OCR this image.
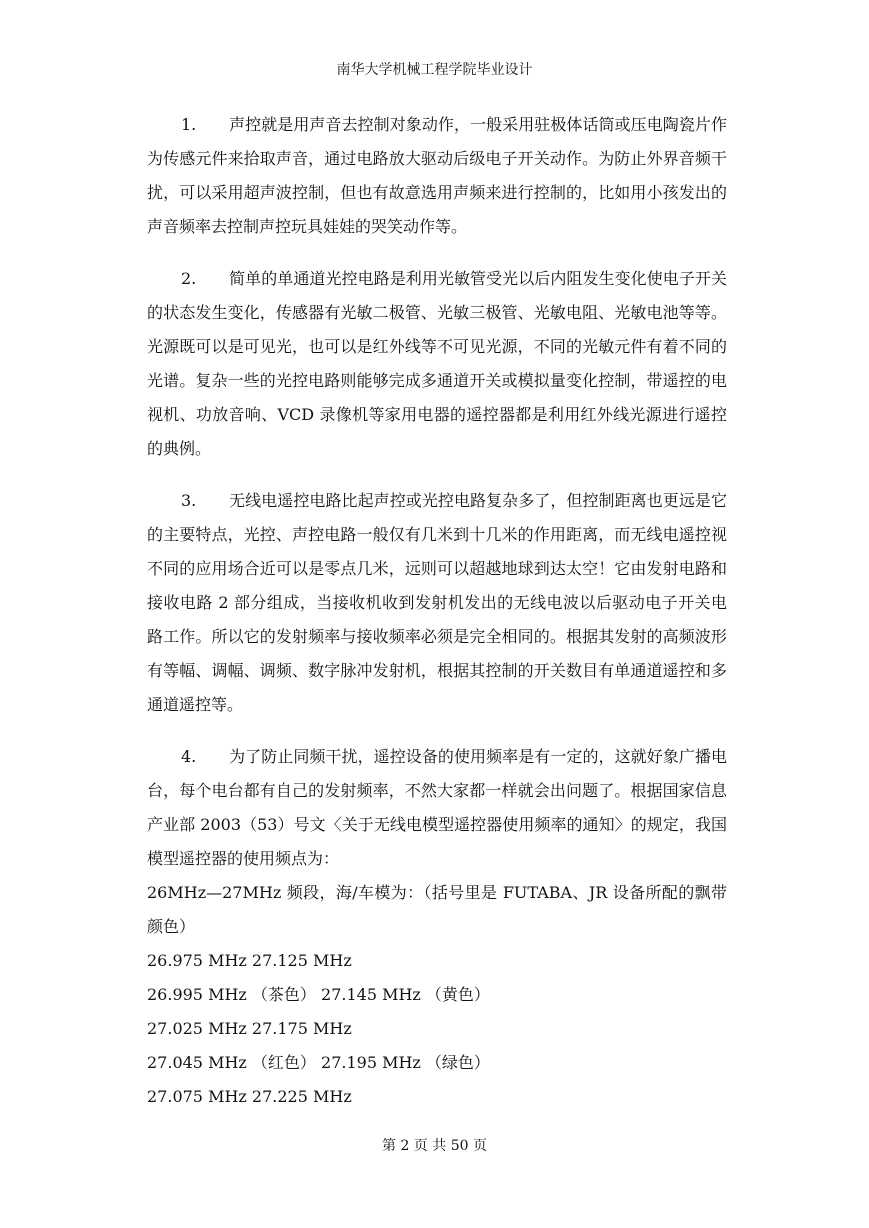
南华大学机械工程学院毕业设计

1. 声控就是用声音去控制对象动作，一般采用驻极体话筒或压电陶瓷片作为传感元件来拾取声音，通过电路放大驱动后级电子开关动作。为防止外界音频干扰，可以采用超声波控制，但也有故意选用声频来进行控制的，比如用小孩发出的声音频率去控制声控玩具娃娃的哭笑动作等。

2. 简单的单通道光控电路是利用光敏管受光以后内阻发生变化使电子开关的状态发生变化，传感器有光敏二极管、光敏三极管、光敏电阻、光敏电池等等。光源既可以是可见光，也可以是红外线等不可见光源，不同的光敏元件有着不同的光谱。复杂一些的光控电路则能够完成多通道开关或模拟量变化控制，带遥控的电视机、功放音响、VCD 录像机等家用电器的遥控器都是利用红外线光源进行遥控的典例。

3. 无线电遥控电路比起声控或光控电路复杂多了，但控制距离也更远是它的主要特点，光控、声控电路一般仅有几米到十几米的作用距离，而无线电遥控视不同的应用场合近可以是零点几米，远则可以超越地球到达太空！它由发射电路和接收电路 2 部分组成，当接收机收到发射机发出的无线电波以后驱动电子开关电路工作。所以它的发射频率与接收频率必须是完全相同的。根据其发射的高频波形有等幅、调幅、调频、数字脉冲发射机，根据其控制的开关数目有单通道遥控和多通道遥控等。

4. 为了防止同频干扰，遥控设备的使用频率是有一定的，这就好象广播电台，每个电台都有自己的发射频率，不然大家都一样就会出问题了。根据国家信息产业部 2003（53）号文〈关于无线电模型遥控器使用频率的通知〉的规定，我国模型遥控器的使用频点为：

26MHz—27MHz 频段，海/车模为：（括号里是 FUTABA、JR 设备所配的飘带颜色）

26.975 MHz 27.125 MHz

26.995 MHz （茶色） 27.145 MHz （黄色）

27.025 MHz 27.175 MHz

27.045 MHz （红色） 27.195 MHz （绿色）

27.075 MHz 27.225 MHz

第 2 页 共 50 页
